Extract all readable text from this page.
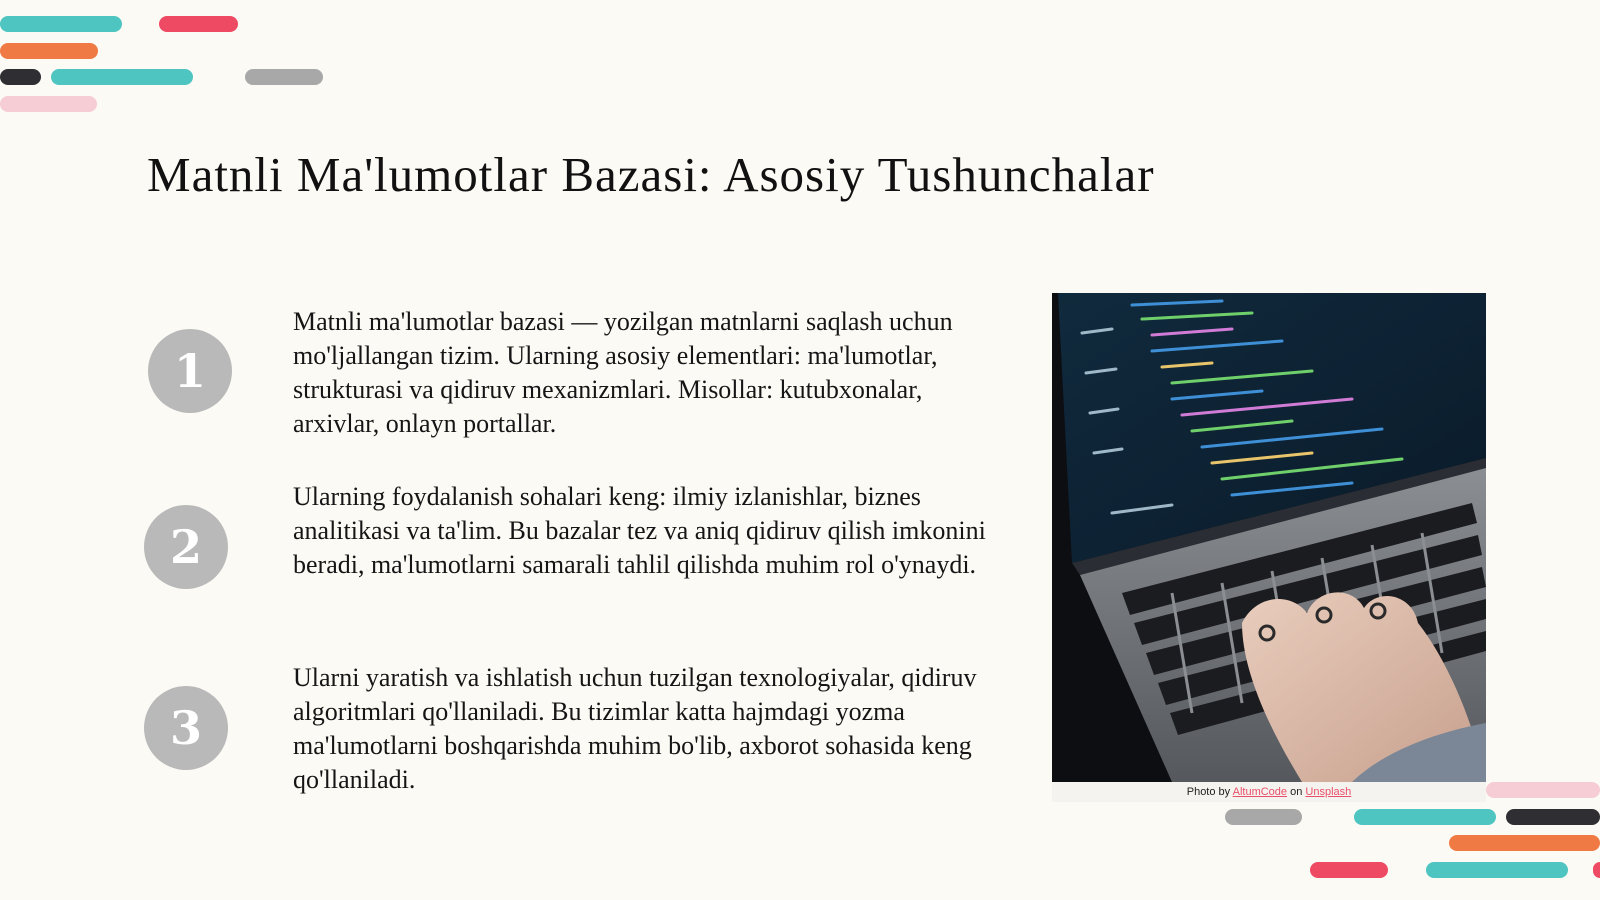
Matnli Ma'lumotlar Bazasi: Asosiy Tushunchalar
1

Matnli ma'lumotlar bazasi — yozilgan matnlarni saqlash uchun mo'ljallangan tizim. Ularning asosiy elementlari: ma'lumotlar, strukturasi va qidiruv mexanizmlari. Misollar: kutubxonalar, arxivlar, onlayn portallar.

2

Ularning foydalanish sohalari keng: ilmiy izlanishlar, biznes analitikasi va ta'lim. Bu bazalar tez va aniq qidiruv qilish imkonini beradi, ma'lumotlarni samarali tahlil qilishda muhim rol o'ynaydi.

3

Ularni yaratish va ishlatish uchun tuzilgan texnologiyalar, qidiruv algoritmlari qo'llaniladi. Bu tizimlar katta hajmdagi yozma ma'lumotlarni boshqarishda muhim bo'lib, axborot sohasida keng qo'llaniladi.	Photo by AltumCode on Unsplash
